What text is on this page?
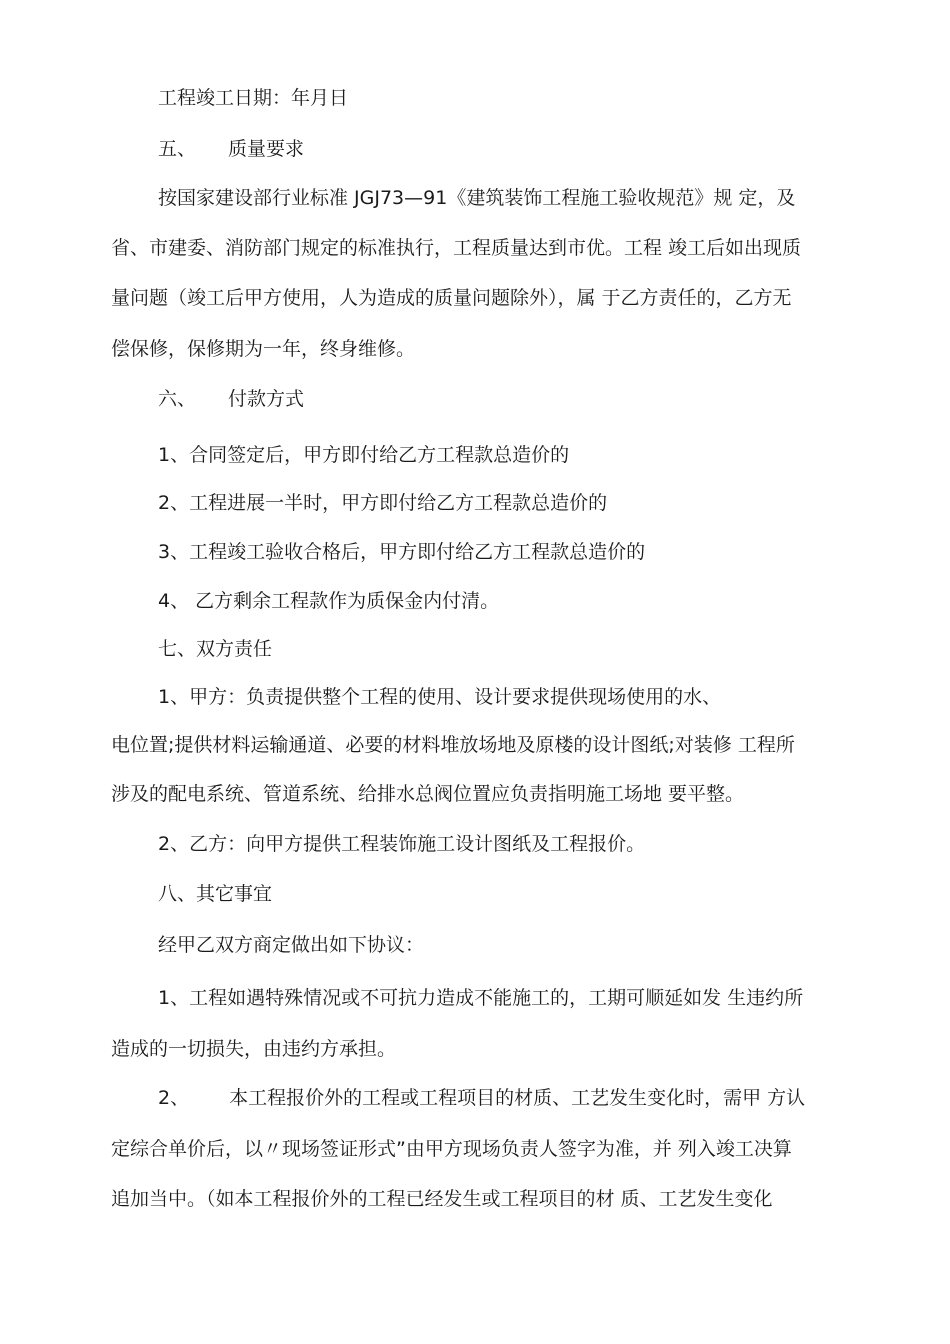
工程竣工日期：年月日
五、 质量要求
按国家建设部行业标准 JGJ73—91《建筑装饰工程施工验收规范》规 定，及
省、市建委、消防部门规定的标准执行，工程质量达到市优。工程 竣工后如出现质
量问题（竣工后甲方使用，人为造成的质量问题除外），属 于乙方责任的，乙方无
偿保修，保修期为一年，终身维修。
六、 付款方式
1、合同签定后，甲方即付给乙方工程款总造价的
2、工程进展一半时，甲方即付给乙方工程款总造价的
3、工程竣工验收合格后，甲方即付给乙方工程款总造价的
4、 乙方剩余工程款作为质保金内付清。
七、双方责任
1、甲方：负责提供整个工程的使用、设计要求提供现场使用的水、
电位置;提供材料运输通道、必要的材料堆放场地及原楼的设计图纸;对装修 工程所
涉及的配电系统、管道系统、给排水总阀位置应负责指明施工场地 要平整。
2、乙方：向甲方提供工程装饰施工设计图纸及工程报价。
八、其它事宜
经甲乙双方商定做出如下协议：
1、工程如遇特殊情况或不可抗力造成不能施工的，工期可顺延如发 生违约所
造成的一切损失，由违约方承担。
2、 本工程报价外的工程或工程项目的材质、工艺发生变化时，需甲 方认
定综合单价后，以〃现场签证形式”由甲方现场负责人签字为准，并 列入竣工决算
追加当中。（如本工程报价外的工程已经发生或工程项目的材 质、工艺发生变化
